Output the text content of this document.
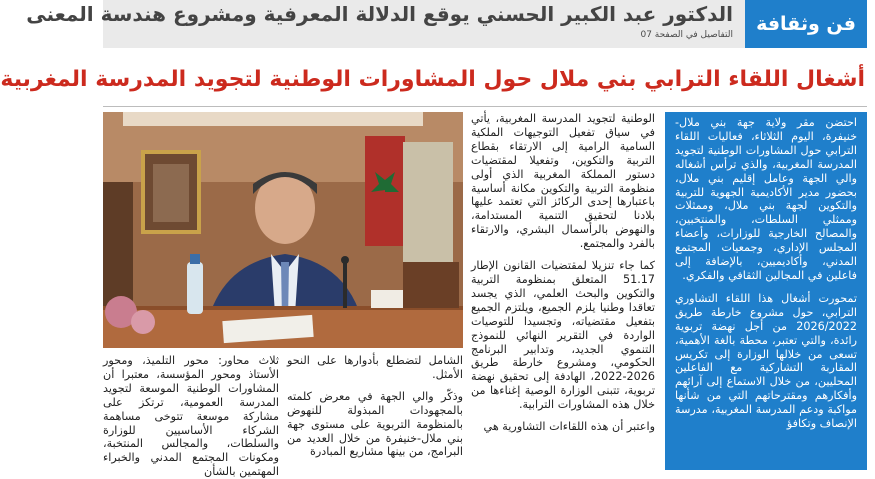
فن وثقافة
الدكتور عبد الكبير الحسني يوقع الدلالة المعرفية ومشروع هندسة المعنى
التفاصيل في الصفحة 07
أشغال اللقاء الترابي بني ملال حول المشاورات الوطنية لتجويد المدرسة المغربية

احتضن مقر ولاية جهة بني ملال- خنيفرة، اليوم الثلاثاء، فعاليات اللقاء الترابي حول المشاورات الوطنية لتجويد المدرسة المغربية، والذي ترأس أشغاله والي الجهة وعامل إقليم بني ملال، بحضور مدير الأكاديمية الجهوية للتربية والتكوين لجهة بني ملال، وممثلات وممثلي السلطات، والمنتخبين، والمصالح الخارجية للوزارات، وأعضاء المجلس الإداري، وجمعيات المجتمع المدني، وأكاديميين، بالإضافة إلى فاعلين في المجالين الثقافي والفكري.

تمحورت أشغال هذا اللقاء التشاوري الترابي، حول مشروع خارطة طريق 2026/2022 من أجل نهضة تربوية رائدة، والتي تعتبر، محطة بالغة الأهمية، تسعى من خلالها الوزارة إلى تكريس المقاربة التشاركية مع الفاعلين المحليين، من خلال الاستماع إلى آرائهم وأفكارهم ومقترحاتهم التي من شأنها مواكبة ودعم المدرسة المغربية، مدرسة الإنصاف وتكافؤ

الوطنية لتجويد المدرسة المغربية، يأتي في سياق تفعيل التوجيهات الملكية السامية الرامية إلى الارتقاء بقطاع التربية والتكوين، وتفعيلا لمقتضيات دستور المملكة المغربية الذي أولى منظومة التربية والتكوين مكانة أساسية باعتبارها إحدى الركائز التي تعتمد عليها بلادنا لتحقيق التنمية المستدامة، والنهوض بالرأسمال البشري، والارتقاء بالفرد والمجتمع.

كما جاء تنزيلا لمقتضيات القانون الإطار 51.17 المتعلق بمنظومة التربية والتكوين والبحث العلمي، الذي يجسد تعاقدا وطنيا يلزم الجميع، ويلتزم الجميع بتفعيل مقتضياته، وتجسيدا للتوصيات الواردة في التقرير النهائي للنموذج التنموي الجديد، وتدابير البرنامج الحكومي، ومشروع خارطة طريق 2026-2022، الهادفة إلى تحقيق نهضة تربوية، تتبنى الوزارة الوصية إغناءها من خلال هذه المشاورات الترابية.

واعتبر أن هذه اللقاءات التشاورية هي

الشامل لتضطلع بأدوارها على النحو الأمثل.

وذكّر والي الجهة في معرض كلمته بالمجهودات المبذولة للنهوض بالمنظومة التربوية على مستوى جهة بني ملال-خنيفرة من خلال العديد من البرامج، من بينها مشاريع المبادرة

ثلاث محاور: محور التلميذ، ومحور الأستاذ ومحور المؤسسة، معتبرا أن المشاورات الوطنية الموسعة لتجويد المدرسة العمومية، ترتكز على مشاركة موسعة تتوخى مساهمة الشركاء الأساسيين للوزارة والسلطات، والمجالس المنتخبة، ومكونات المجتمع المدني والخبراء المهتمين بالشأن
